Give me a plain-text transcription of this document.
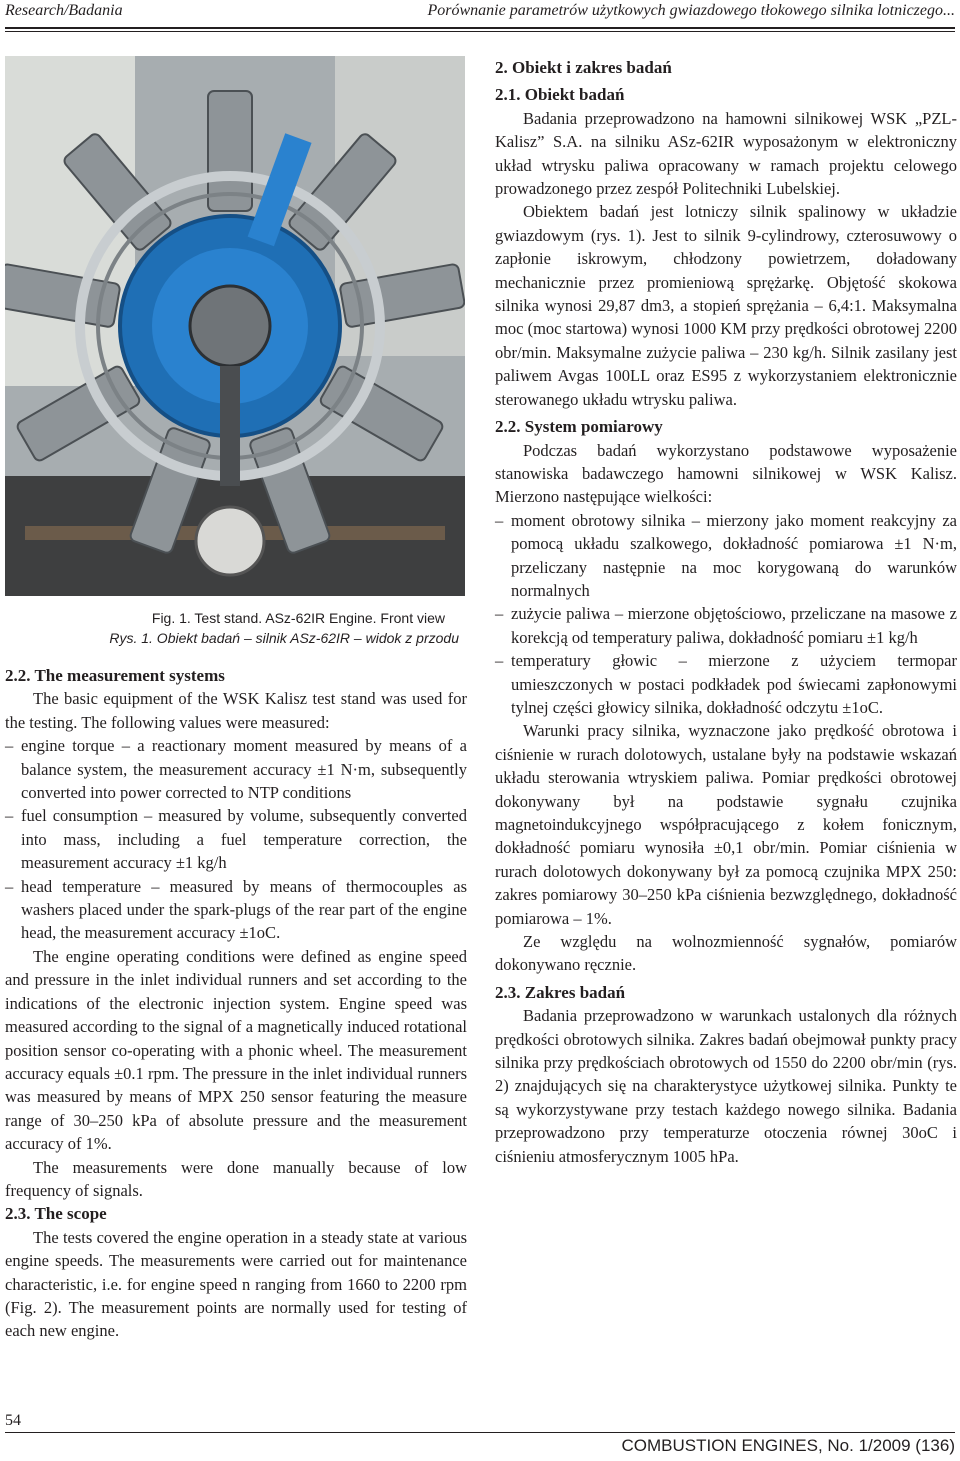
Research/Badania	Porównanie parametrów użytkowych gwiazdowego tłokowego silnika lotniczego...
Fig. 1. Test stand. ASz-62IR Engine. Front view
Rys. 1. Obiekt badań – silnik ASz-62IR – widok z przodu
2.2. The measurement systems

The basic equipment of the WSK Kalisz test stand was used for the testing. The following values were measured:

– engine torque – a reactionary moment measured by means of a balance system, the measurement accuracy ±1 N·m, subsequently converted into power corrected to NTP conditions

– fuel consumption – measured by volume, subsequently converted into mass, including a fuel temperature correction, the measurement accuracy ±1 kg/h

– head temperature – measured by means of thermocouples as washers placed under the spark-plugs of the rear part of the engine head, the measurement accuracy ±1oC.

The engine operating conditions were defined as engine speed and pressure in the inlet individual runners and set according to the indications of the electronic injection system. Engine speed was measured according to the signal of a magnetically induced rotational position sensor co-operating with a phonic wheel. The measurement accuracy equals ±0.1 rpm. The pressure in the inlet individual runners was measured by means of MPX 250 sensor featuring the measure range of 30–250 kPa of absolute pressure and the measurement accuracy of 1%.

The measurements were done manually because of low frequency of signals.

2.3. The scope

The tests covered the engine operation in a steady state at various engine speeds. The measurements were carried out for maintenance characteristic, i.e. for engine speed n ranging from 1660 to 2200 rpm (Fig. 2). The measurement points are normally used for testing of each new engine.

2. Obiekt i zakres badań
2.1. Obiekt badań

Badania przeprowadzono na hamowni silnikowej WSK „PZL-Kalisz” S.A. na silniku ASz-62IR wyposażonym w elektroniczny układ wtrysku paliwa opracowany w ramach projektu celowego prowadzonego przez zespół Politechniki Lubelskiej.

Obiektem badań jest lotniczy silnik spalinowy w układzie gwiazdowym (rys. 1). Jest to silnik 9-cylindrowy, czterosuwowy o zapłonie iskrowym, chłodzony powietrzem, doładowany mechanicznie przez promieniową sprężarkę. Objętość skokowa silnika wynosi 29,87 dm3, a stopień sprężania – 6,4:1. Maksymalna moc (moc startowa) wynosi 1000 KM przy prędkości obrotowej 2200 obr/min. Maksymalne zużycie paliwa – 230 kg/h. Silnik zasilany jest paliwem Avgas 100LL oraz ES95 z wykorzystaniem elektronicznie sterowanego układu wtrysku paliwa.

2.2. System pomiarowy

Podczas badań wykorzystano podstawowe wyposażenie stanowiska badawczego hamowni silnikowej w WSK Kalisz. Mierzono następujące wielkości:

– moment obrotowy silnika – mierzony jako moment reakcyjny za pomocą układu szalkowego, dokładność pomiarowa ±1 N·m, przeliczany następnie na moc korygowaną do warunków normalnych

– zużycie paliwa – mierzone objętościowo, przeliczane na masowe z korekcją od temperatury paliwa, dokładność pomiaru ±1 kg/h

– temperatury głowic – mierzone z użyciem termopar umieszczonych w postaci podkładek pod świecami zapłonowymi tylnej części głowicy silnika, dokładność odczytu ±1oC.

Warunki pracy silnika, wyznaczone jako prędkość obrotowa i ciśnienie w rurach dolotowych, ustalane były na podstawie wskazań układu sterowania wtryskiem paliwa. Pomiar prędkości obrotowej dokonywany był na podstawie sygnału czujnika magnetoindukcyjnego współpracującego z kołem fonicznym, dokładność pomiaru wynosiła ±0,1 obr/min. Pomiar ciśnienia w rurach dolotowych dokonywany był za pomocą czujnika MPX 250: zakres pomiarowy 30–250 kPa ciśnienia bezwzględnego, dokładność pomiarowa – 1%.

Ze względu na wolnozmienność sygnałów, pomiarów dokonywano ręcznie.

2.3. Zakres badań

Badania przeprowadzono w warunkach ustalonych dla różnych prędkości obrotowych silnika. Zakres badań obejmował punkty pracy silnika przy prędkościach obrotowych od 1550 do 2200 obr/min (rys. 2) znajdujących się na charakterystyce użytkowej silnika. Punkty te są wykorzystywane przy testach każdego nowego silnika. Badania przeprowadzono przy temperaturze otoczenia równej 30oC i ciśnieniu atmosferycznym 1005 hPa.

54
COMBUSTION ENGINES, No. 1/2009 (136)
